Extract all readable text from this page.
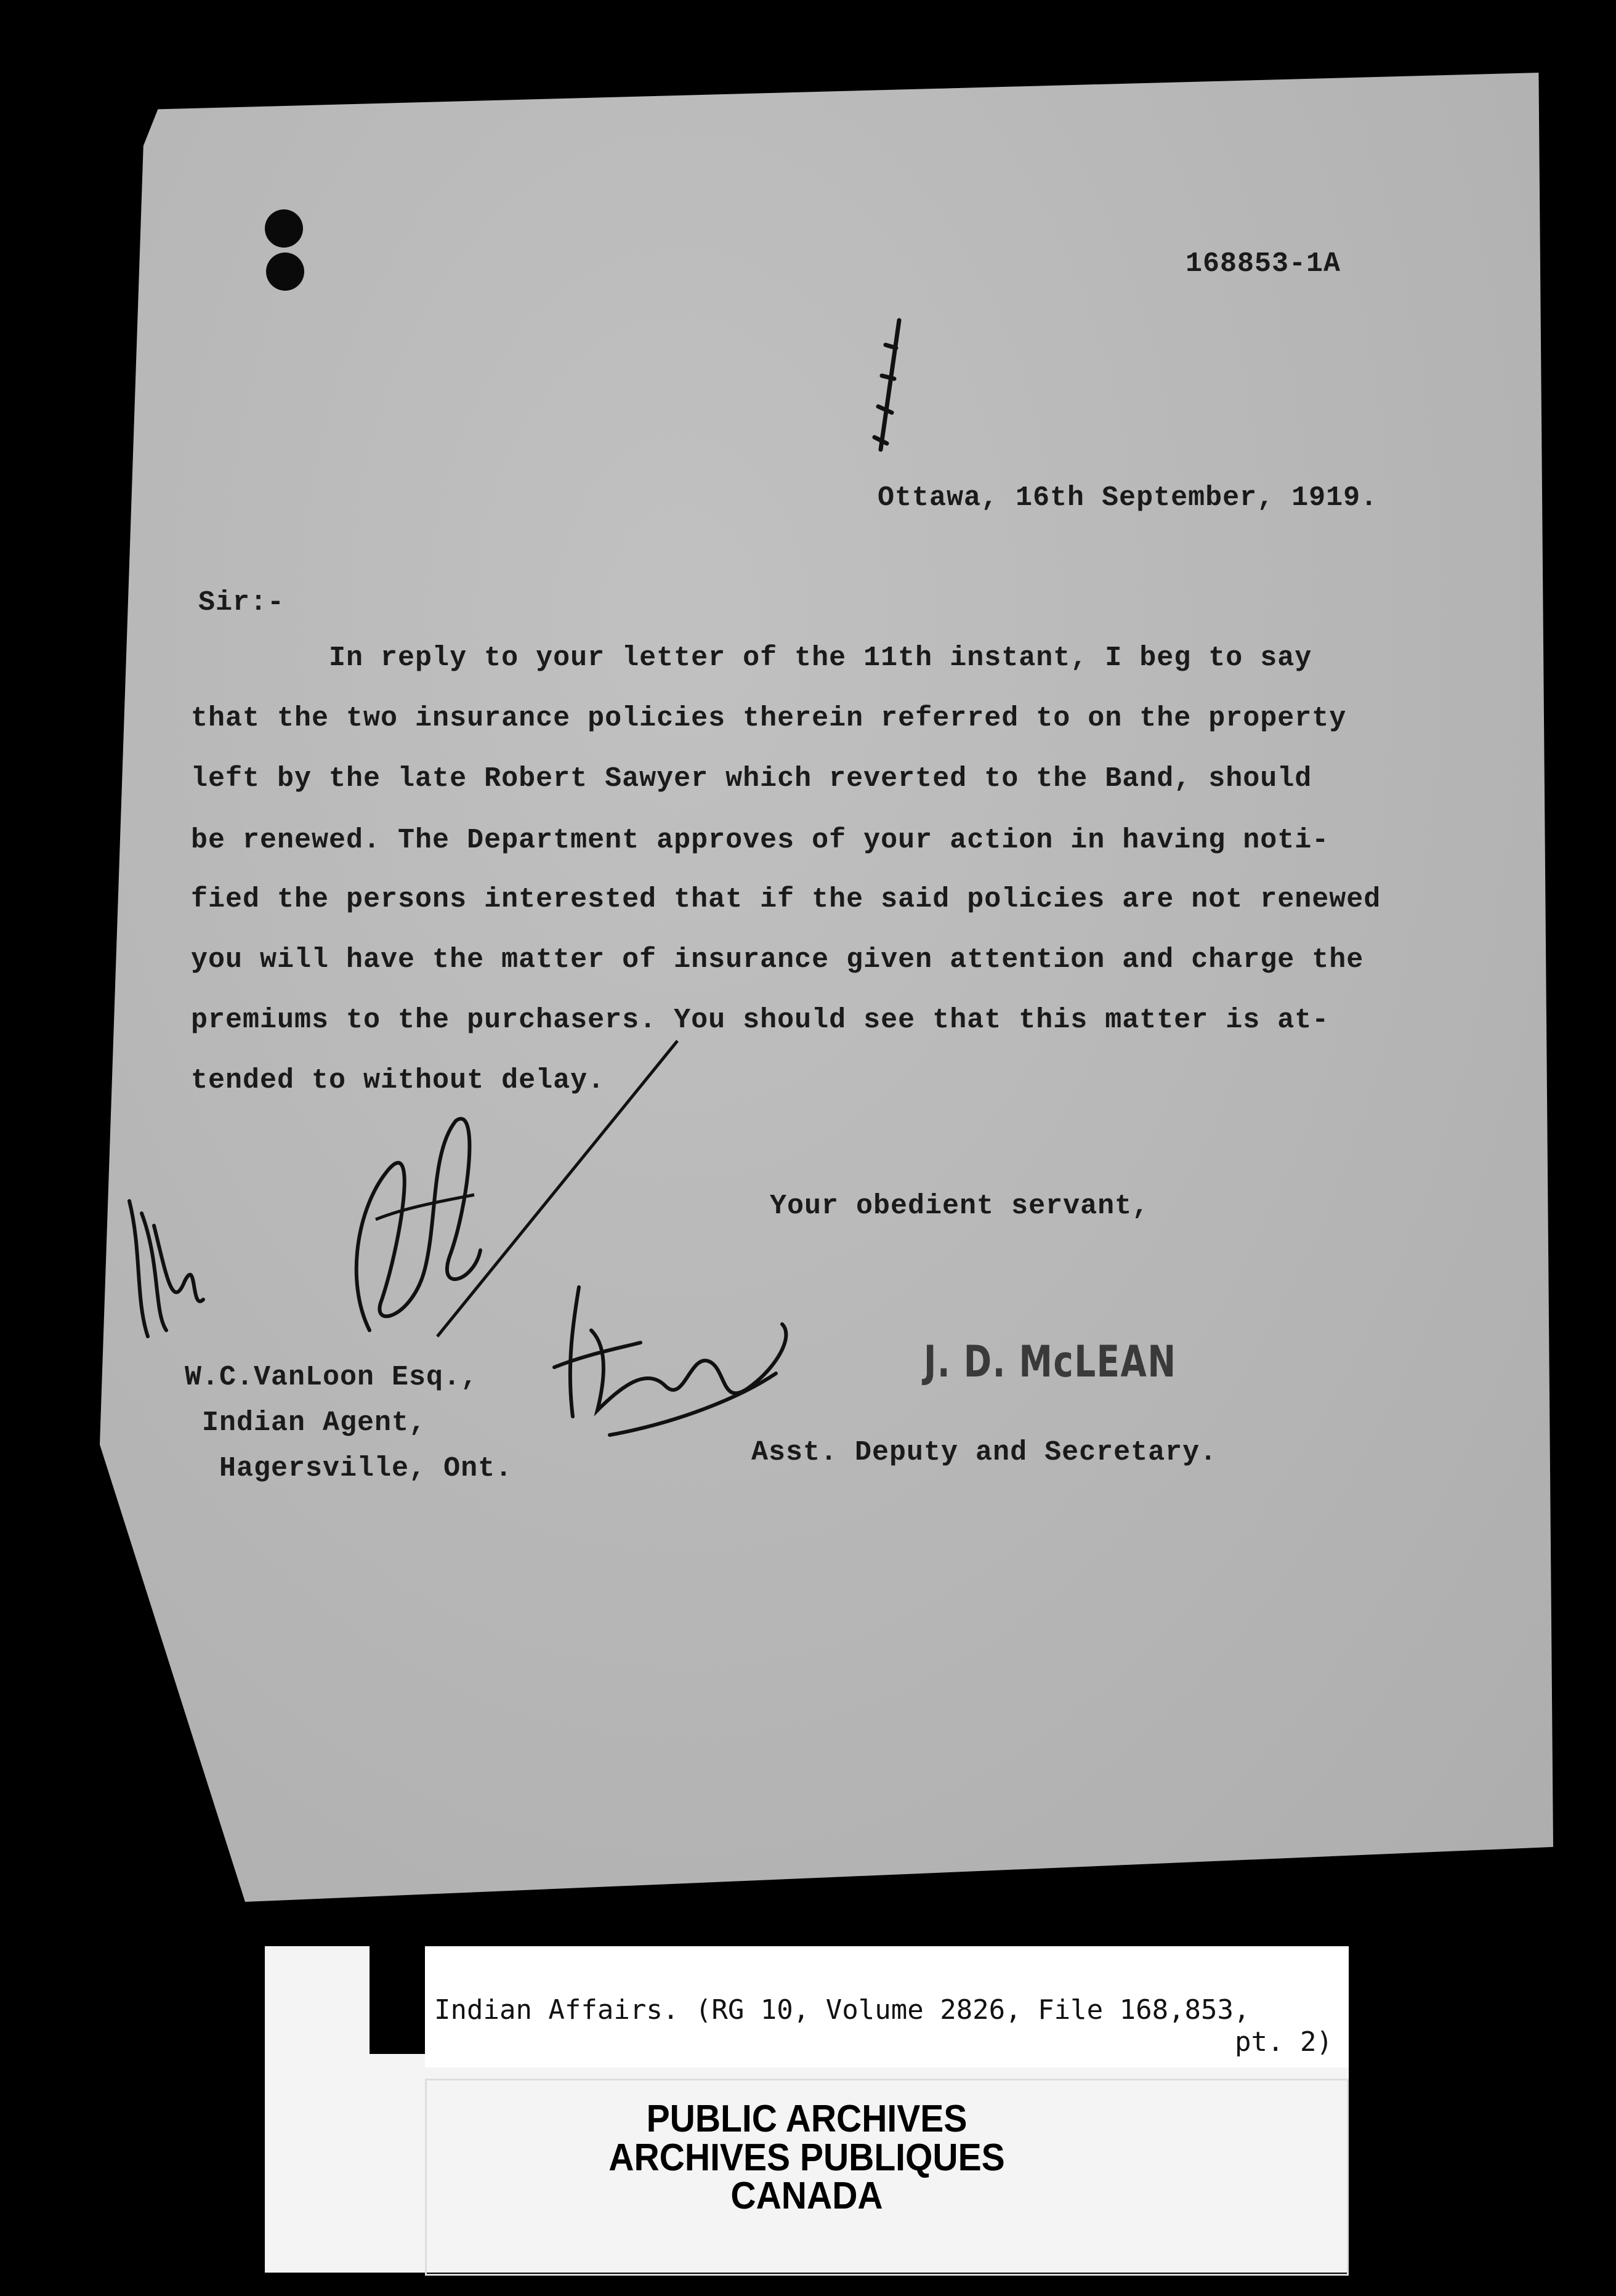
168853-1A
Ottawa, 16th September, 1919.
Sir:-
In reply to your letter of the 11th instant, I beg to say
that the two insurance policies therein referred to on the property
left by the late Robert Sawyer which reverted to the Band, should
be renewed. The Department approves of your action in having noti-
fied the persons interested that if the said policies are not renewed
you will have the matter of insurance given attention and charge the
premiums to the purchasers. You should see that this matter is at-
tended to without delay.
Your obedient servant,
J. D. McLEAN
W.C.VanLoon Esq.,
Indian Agent,
Hagersville, Ont.
Asst. Deputy and Secretary.
Indian Affairs. (RG 10, Volume 2826, File 168,853,
pt. 2)
PUBLIC ARCHIVES
ARCHIVES PUBLIQUES
CANADA
